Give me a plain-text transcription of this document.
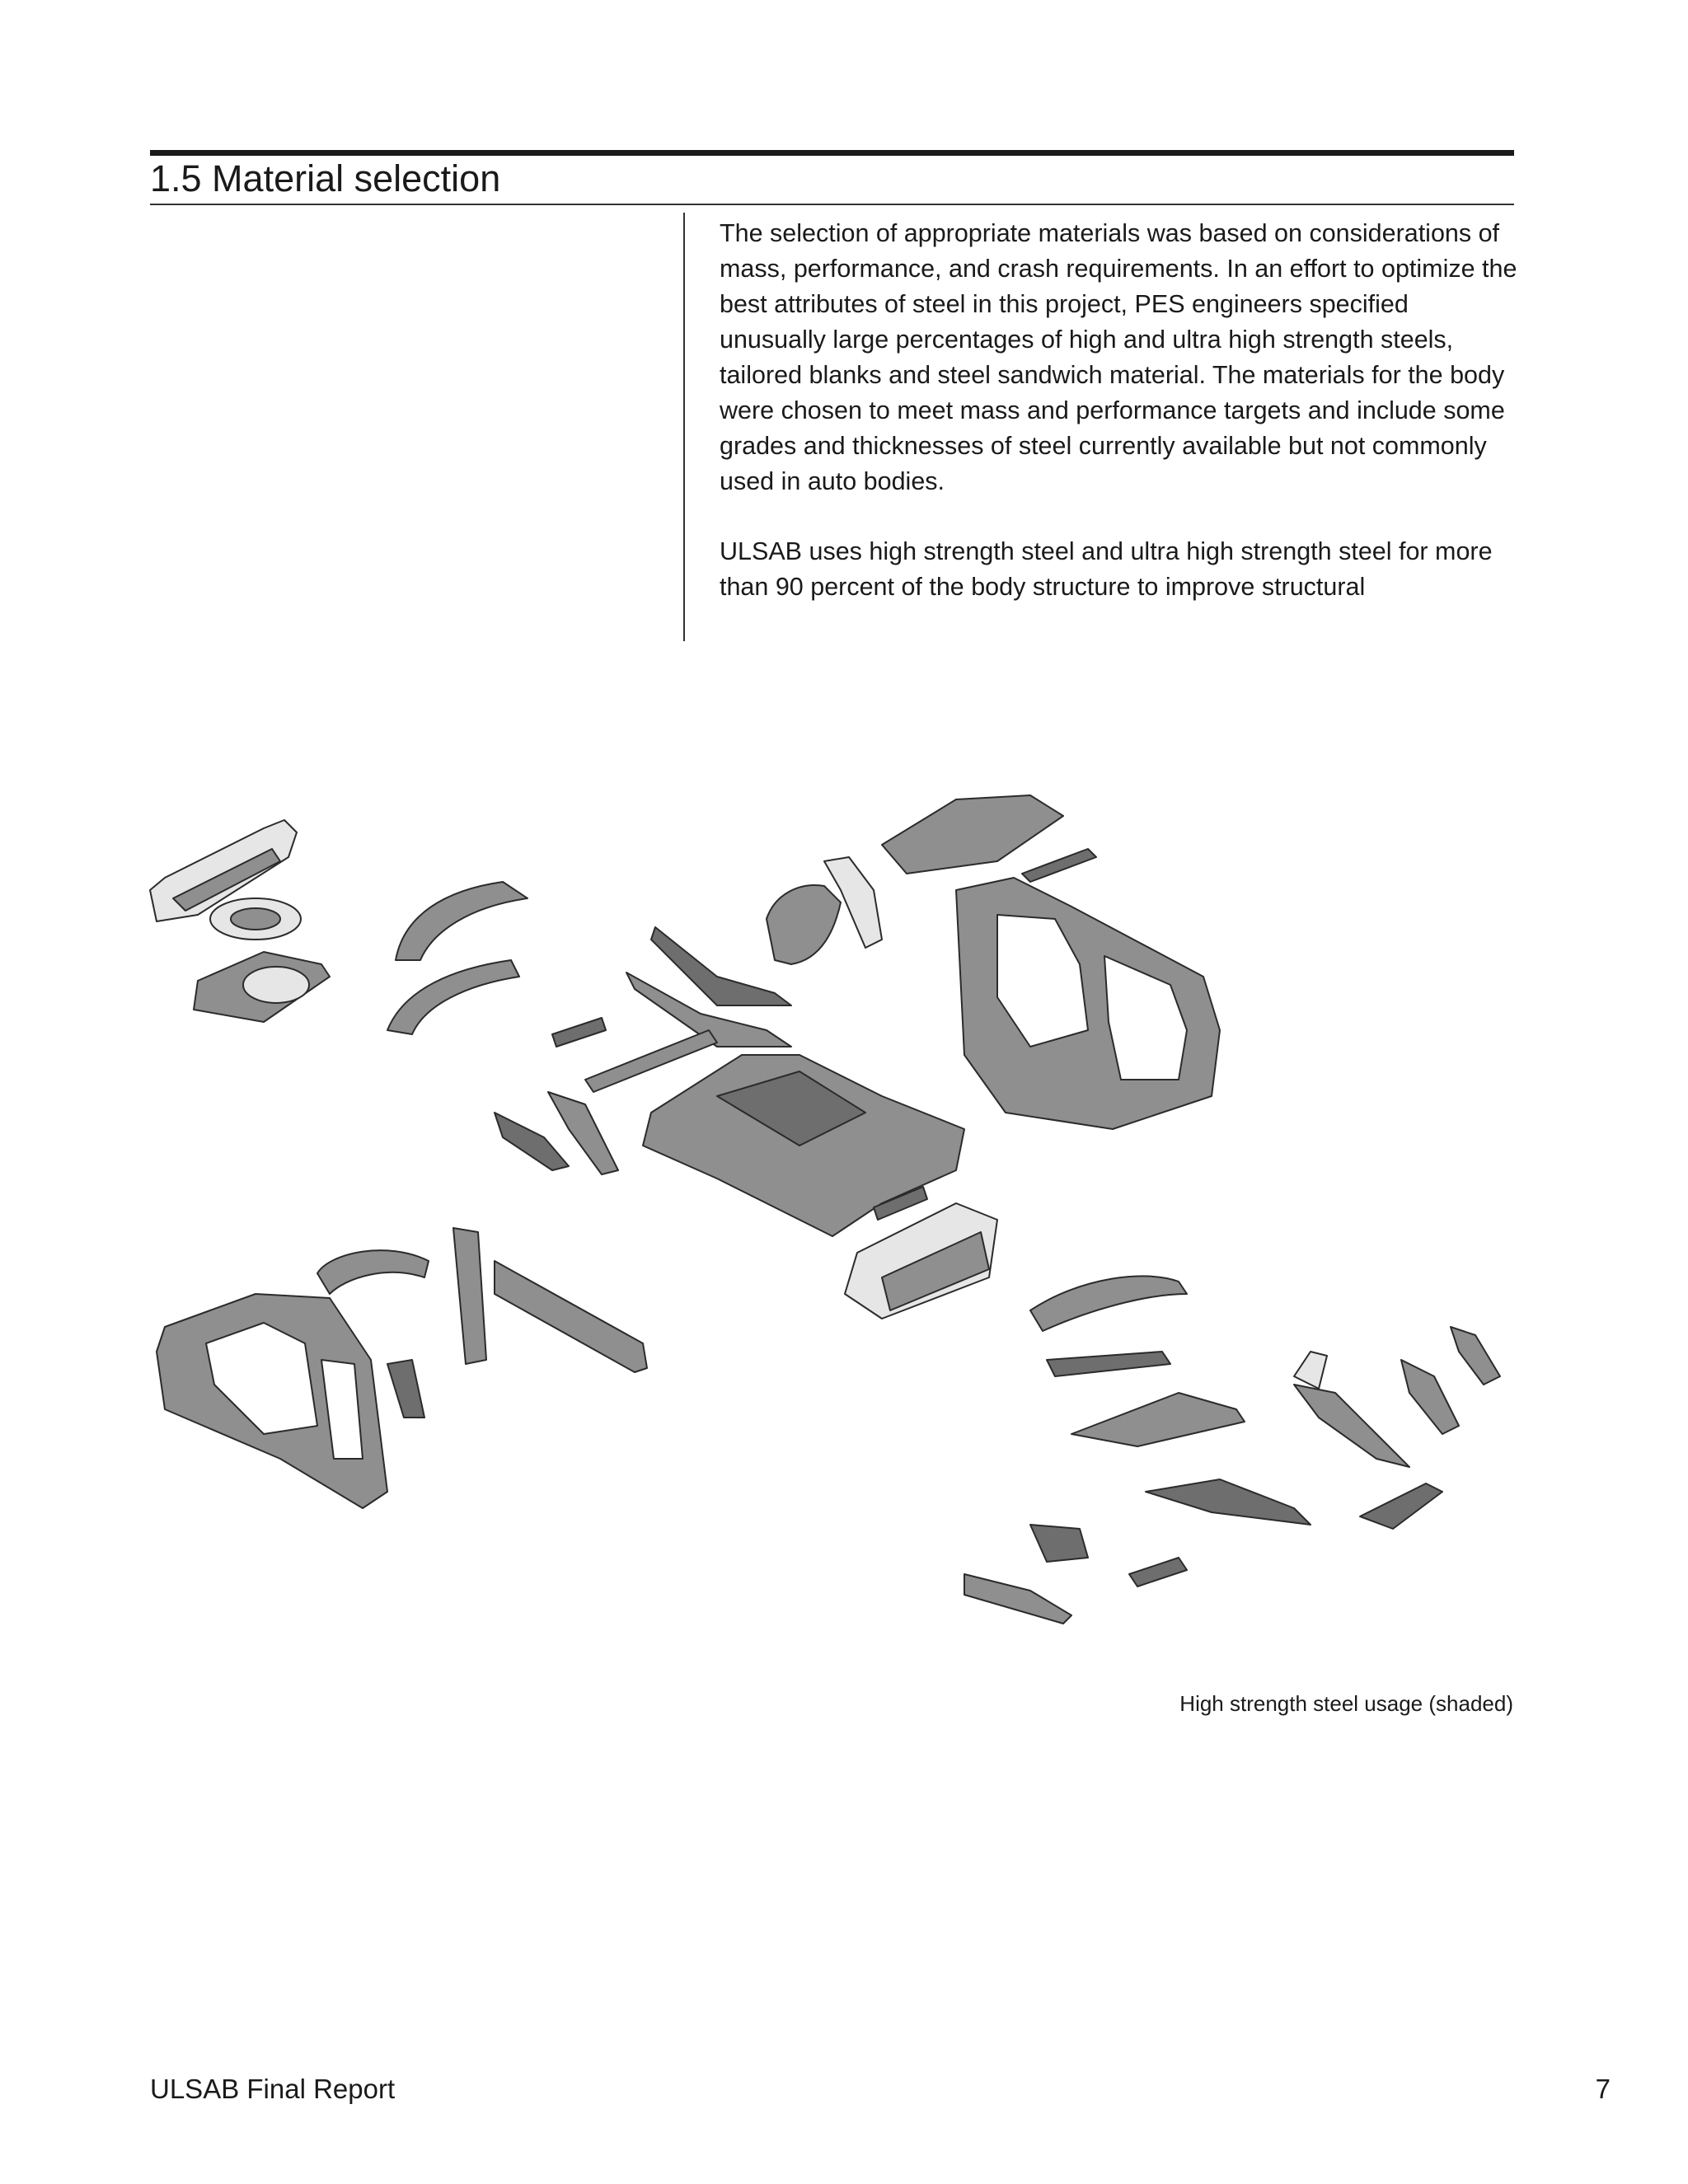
1.5 Material selection

The selection of appropriate materials was based on considerations of mass, performance, and crash requirements. In an effort to optimize the best attributes of steel in this project, PES engineers specified unusually large percentages of high and ultra high strength steels, tailored blanks and steel sandwich material. The materials for the body were chosen to meet mass and performance targets and include some grades and thicknesses of steel currently available but not commonly used in auto bodies.

ULSAB uses high strength steel and ultra high strength steel for more than 90 percent of the body structure to improve structural

High strength steel usage (shaded)
ULSAB Final Report	7
